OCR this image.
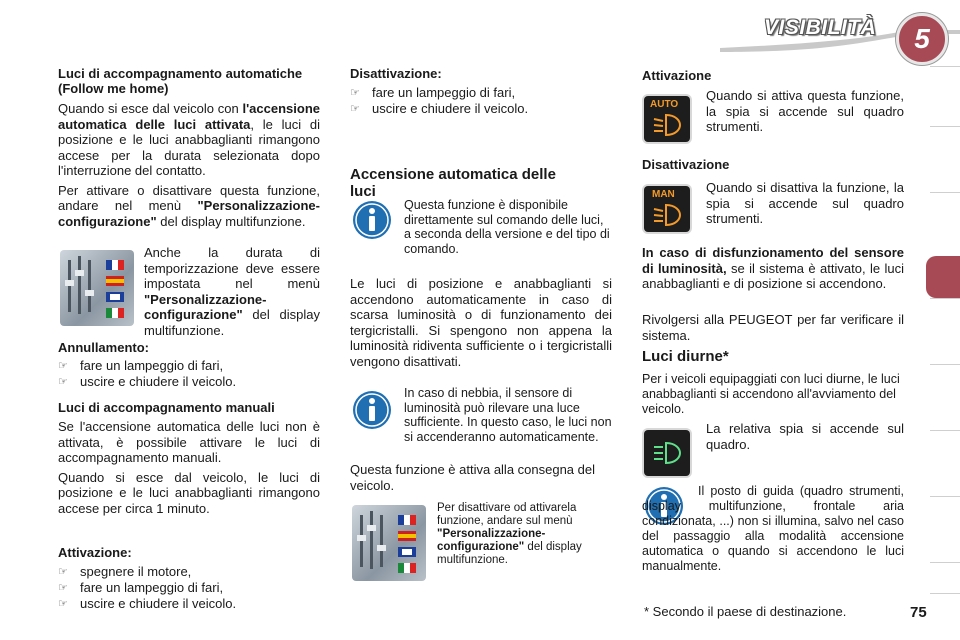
VISIBILITÀ 5

Luci di accompagnamento automatiche (Follow me home)

Quando si esce dal veicolo con l'accensione automatica delle luci attivata, le luci di posizione e le luci anabbaglianti rimangono accese per la durata selezionata dopo l'interruzione del contatto.

Per attivare o disattivare questa funzione, andare nel menù "Personalizzazione-configurazione" del display multifunzione.

Anche la durata di temporizzazione deve essere impostata nel menù "Personalizzazione-configurazione" del display multifunzione.

Annullamento:

☞ fare un lampeggio di fari,
☞ uscire e chiudere il veicolo.

Luci di accompagnamento manuali

Se l'accensione automatica delle luci non è attivata, è possibile attivare le luci di accompagnamento manuali.

Quando si esce dal veicolo, le luci di posizione e le luci anabbaglianti rimangono accese per circa 1 minuto.

Attivazione:

☞ spegnere il motore,
☞ fare un lampeggio di fari,
☞ uscire e chiudere il veicolo.

Disattivazione:

☞ fare un lampeggio di fari,
☞ uscire e chiudere il veicolo.

Accensione automatica delle luci

Questa funzione è disponibile direttamente sul comando delle luci, a seconda della versione e del tipo di comando.

Le luci di posizione e anabbaglianti si accendono automaticamente in caso di scarsa luminosità o di funzionamento dei tergicristalli. Si spengono non appena la luminosità ridiventa sufficiente o i tergicristalli vengono disattivati.

In caso di nebbia, il sensore di luminosità può rilevare una luce sufficiente. In questo caso, le luci non si accenderanno automaticamente.

Questa funzione è attiva alla consegna del veicolo.

Per disattivare od attivarela funzione, andare sul menù "Personalizzazione-configurazione" del display multifunzione.

Attivazione

AUTO

Quando si attiva questa funzione, la spia si accende sul quadro strumenti.

Disattivazione

MAN Quando si disattiva la funzione, la spia si accende sul quadro strumenti.

In caso di disfunzionamento del sensore di luminosità, se il sistema è attivato, le luci anabbaglianti e di posizione si accendono.

Rivolgersi alla PEUGEOT per far verificare il sistema.

Luci diurne*

Per i veicoli equipaggiati con luci diurne, le luci anabbaglianti si accendono all'avviamento del veicolo.

La relativa spia si accende sul quadro.

Il posto di guida (quadro strumenti, display multifunzione, frontale aria condizionata, ...) non si illumina, salvo nel caso del passaggio alla modalità accensione automatica o quando si accendono le luci manualmente.

* Secondo il paese di destinazione.	75
